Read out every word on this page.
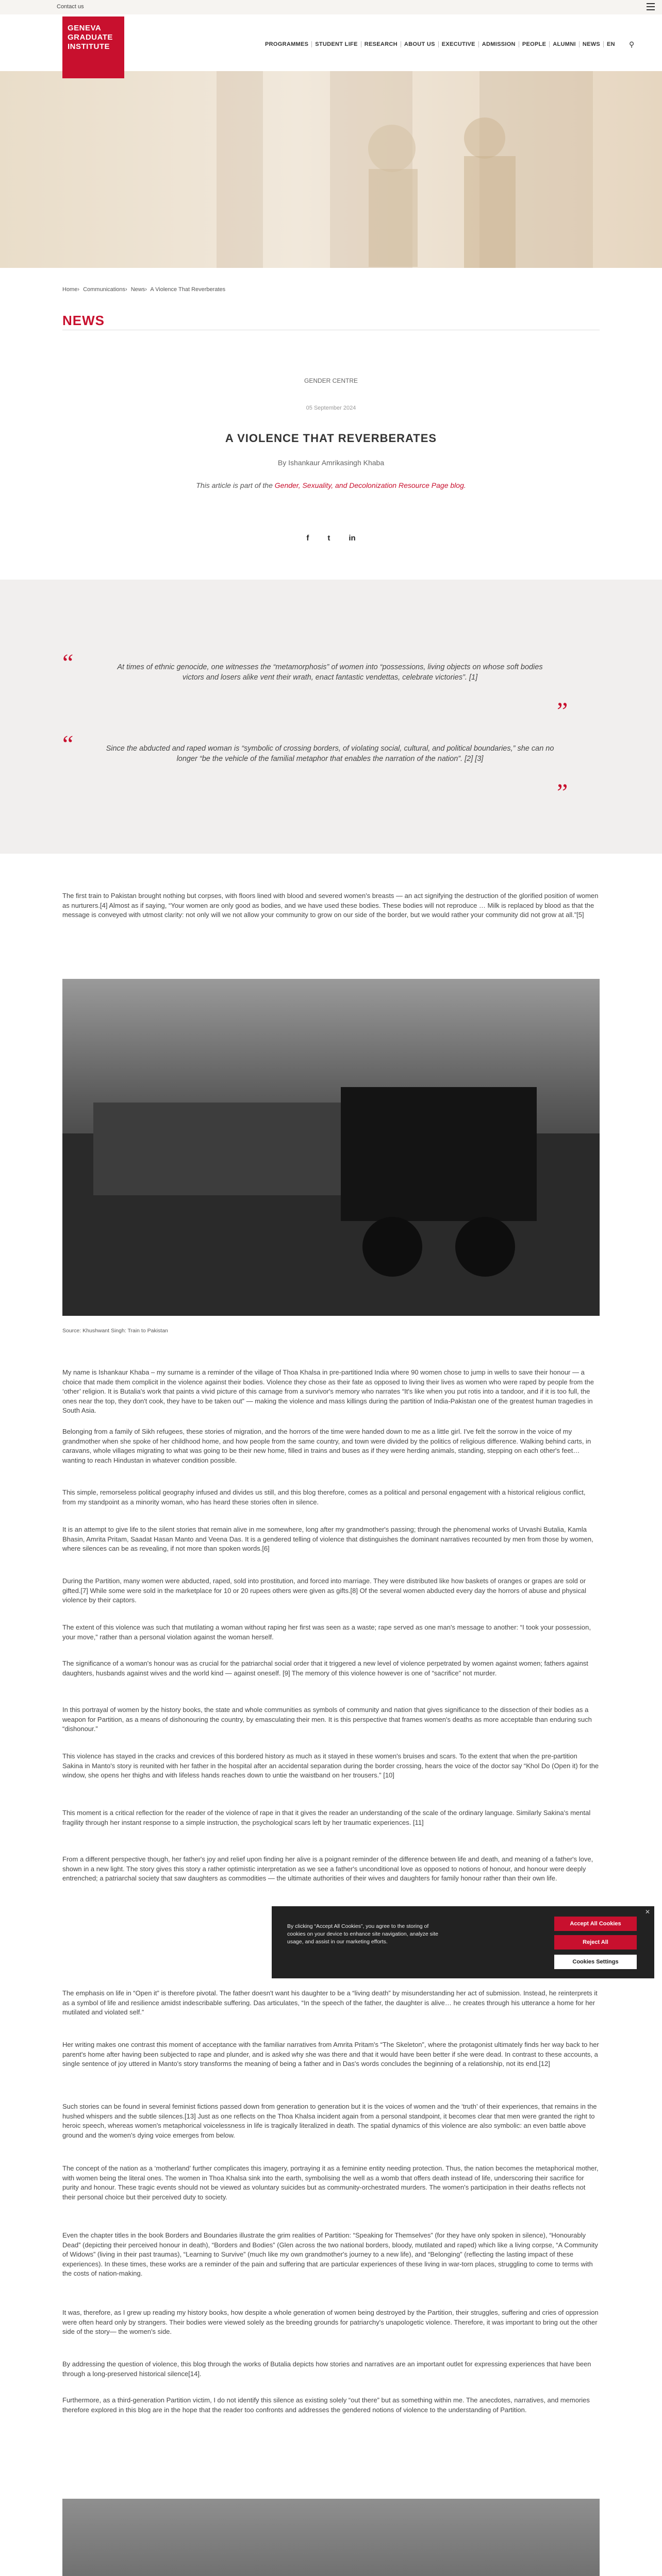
Contact us
PROGRAMMES	STUDENT LIFE	RESEARCH	ABOUT US	EXECUTIVE	ADMISSION	PEOPLE	ALUMNI	NEWS	EN	⚲
GENEVA
GRADUATE
INSTITUTE
Home› Communications› News› A Violence That Reverberates
NEWS
GENDER CENTRE
05 September 2024
A VIOLENCE THAT REVERBERATES
By Ishankaur Amrikasingh Khaba
This article is part of the Gender, Sexuality, and Decolonization Resource Page blog.
f t in
“	At times of ethnic genocide, one witnesses the “metamorphosis” of women into “possessions, living objects on whose soft bodies victors and losers alike vent their wrath, enact fantastic vendettas, celebrate victories”. [1]
”
“	Since the abducted and raped woman is “symbolic of crossing borders, of violating social, cultural, and political boundaries,” she can no longer “be the vehicle of the familial metaphor that enables the narration of the nation”. [2] [3]
”
The first train to Pakistan brought nothing but corpses, with floors lined with blood and severed women's breasts — an act signifying the destruction of the glorified position of women as nurturers.[4] Almost as if saying, “Your women are only good as bodies, and we have used these bodies. These bodies will not reproduce … Milk is replaced by blood as that the message is conveyed with utmost clarity: not only will we not allow your community to grow on our side of the border, but we would rather your community did not grow at all.”[5]
Source: Khushwant Singh: Train to Pakistan
My name is Ishankaur Khaba – my surname is a reminder of the village of Thoa Khalsa in pre-partitioned India where 90 women chose to jump in wells to save their honour — a choice that made them complicit in the violence against their bodies. Violence they chose as their fate as opposed to living their lives as women who were raped by people from the ‘other’ religion. It is Butalia's work that paints a vivid picture of this carnage from a survivor's memory who narrates “It's like when you put rotis into a tandoor, and if it is too full, the ones near the top, they don't cook, they have to be taken out” — making the violence and mass killings during the partition of India-Pakistan one of the greatest human tragedies in South Asia.
Belonging from a family of Sikh refugees, these stories of migration, and the horrors of the time were handed down to me as a little girl. I've felt the sorrow in the voice of my grandmother when she spoke of her childhood home, and how people from the same country, and town were divided by the politics of religious difference. Walking behind carts, in caravans, whole villages migrating to what was going to be their new home, filled in trains and buses as if they were herding animals, standing, stepping on each other's feet… wanting to reach Hindustan in whatever condition possible.
This simple, remorseless political geography infused and divides us still, and this blog therefore, comes as a political and personal engagement with a historical religious conflict, from my standpoint as a minority woman, who has heard these stories often in silence.
It is an attempt to give life to the silent stories that remain alive in me somewhere, long after my grandmother's passing; through the phenomenal works of Urvashi Butalia, Kamla Bhasin, Amrita Pritam, Saadat Hasan Manto and Veena Das. It is a gendered telling of violence that distinguishes the dominant narratives recounted by men from those by women, where silences can be as revealing, if not more than spoken words.[6]
During the Partition, many women were abducted, raped, sold into prostitution, and forced into marriage. They were distributed like how baskets of oranges or grapes are sold or gifted.[7] While some were sold in the marketplace for 10 or 20 rupees others were given as gifts.[8] Of the several women abducted every day the horrors of abuse and physical violence by their captors.
The extent of this violence was such that mutilating a woman without raping her first was seen as a waste; rape served as one man's message to another: “I took your possession, your move,” rather than a personal violation against the woman herself.
The significance of a woman's honour was as crucial for the patriarchal social order that it triggered a new level of violence perpetrated by women against women; fathers against daughters, husbands against wives and the world kind — against oneself. [9] The memory of this violence however is one of “sacrifice” not murder.
In this portrayal of women by the history books, the state and whole communities as symbols of community and nation that gives significance to the dissection of their bodies as a weapon for Partition, as a means of dishonouring the country, by emasculating their men. It is this perspective that frames women's deaths as more acceptable than enduring such “dishonour.”
This violence has stayed in the cracks and crevices of this bordered history as much as it stayed in these women's bruises and scars. To the extent that when the pre-partition Sakina in Manto's story is reunited with her father in the hospital after an accidental separation during the border crossing, hears the voice of the doctor say “Khol Do (Open it) for the window, she opens her thighs and with lifeless hands reaches down to untie the waistband on her trousers.” [10]
This moment is a critical reflection for the reader of the violence of rape in that it gives the reader an understanding of the scale of the ordinary language. Similarly Sakina's mental fragility through her instant response to a simple instruction, the psychological scars left by her traumatic experiences. [11]
From a different perspective though, her father's joy and relief upon finding her alive is a poignant reminder of the difference between life and death, and meaning of a father's love, shown in a new light. The story gives this story a rather optimistic interpretation as we see a father's unconditional love as opposed to notions of honour, and honour were deeply entrenched; a patriarchal society that saw daughters as commodities — the ultimate authorities of their wives and daughters for family honour rather than their own life.
The emphasis on life in “Open it” is therefore pivotal. The father doesn't want his daughter to be a “living death” by misunderstanding her act of submission. Instead, he reinterprets it as a symbol of life and resilience amidst indescribable suffering. Das articulates, “In the speech of the father, the daughter is alive… he creates through his utterance a home for her mutilated and violated self.”
Her writing makes one contrast this moment of acceptance with the familiar narratives from Amrita Pritam's “The Skeleton”, where the protagonist ultimately finds her way back to her parent's home after having been subjected to rape and plunder, and is asked why she was there and that it would have been better if she were dead. In contrast to these accounts, a single sentence of joy uttered in Manto's story transforms the meaning of being a father and in Das's words concludes the beginning of a relationship, not its end.[12]
Such stories can be found in several feminist fictions passed down from generation to generation but it is the voices of women and the ‘truth’ of their experiences, that remains in the hushed whispers and the subtle silences.[13] Just as one reflects on the Thoa Khalsa incident again from a personal standpoint, it becomes clear that men were granted the right to heroic speech, whereas women's metaphorical voicelessness in life is tragically literalized in death. The spatial dynamics of this violence are also symbolic: an even battle above ground and the women's dying voice emerges from below.
The concept of the nation as a ‘motherland’ further complicates this imagery, portraying it as a feminine entity needing protection. Thus, the nation becomes the metaphorical mother, with women being the literal ones. The women in Thoa Khalsa sink into the earth, symbolising the well as a womb that offers death instead of life, underscoring their sacrifice for purity and honour. These tragic events should not be viewed as voluntary suicides but as community-orchestrated murders. The women's participation in their deaths reflects not their personal choice but their perceived duty to society.
Even the chapter titles in the book Borders and Boundaries illustrate the grim realities of Partition: “Speaking for Themselves” (for they have only spoken in silence), “Honourably Dead” (depicting their perceived honour in death), “Borders and Bodies” (Glen across the two national borders, bloody, mutilated and raped) which like a living corpse, “A Community of Widows” (living in their past traumas), “Learning to Survive” (much like my own grandmother's journey to a new life), and “Belonging” (reflecting the lasting impact of these experiences). In these times, these works are a reminder of the pain and suffering that are particular experiences of these living in war-torn places, struggling to come to terms with the costs of nation-making.
It was, therefore, as I grew up reading my history books, how despite a whole generation of women being destroyed by the Partition, their struggles, suffering and cries of oppression were often heard only by strangers. Their bodies were viewed solely as the breeding grounds for patriarchy's unapologetic violence. Therefore, it was important to bring out the other side of the story— the women's side.
By addressing the question of violence, this blog through the works of Butalia depicts how stories and narratives are an important outlet for expressing experiences that have been through a long-preserved historical silence[14].
Furthermore, as a third-generation Partition victim, I do not identify this silence as existing solely “out there” but as something within me. The anecdotes, narratives, and memories therefore explored in this blog are in the hope that the reader too confronts and addresses the gendered notions of violence to the understanding of Partition.
✕
By clicking “Accept All Cookies”, you agree to the storing of cookies on your device to enhance site navigation, analyze site usage, and assist in our marketing efforts.
Accept All Cookies
Reject All
Cookies Settings
